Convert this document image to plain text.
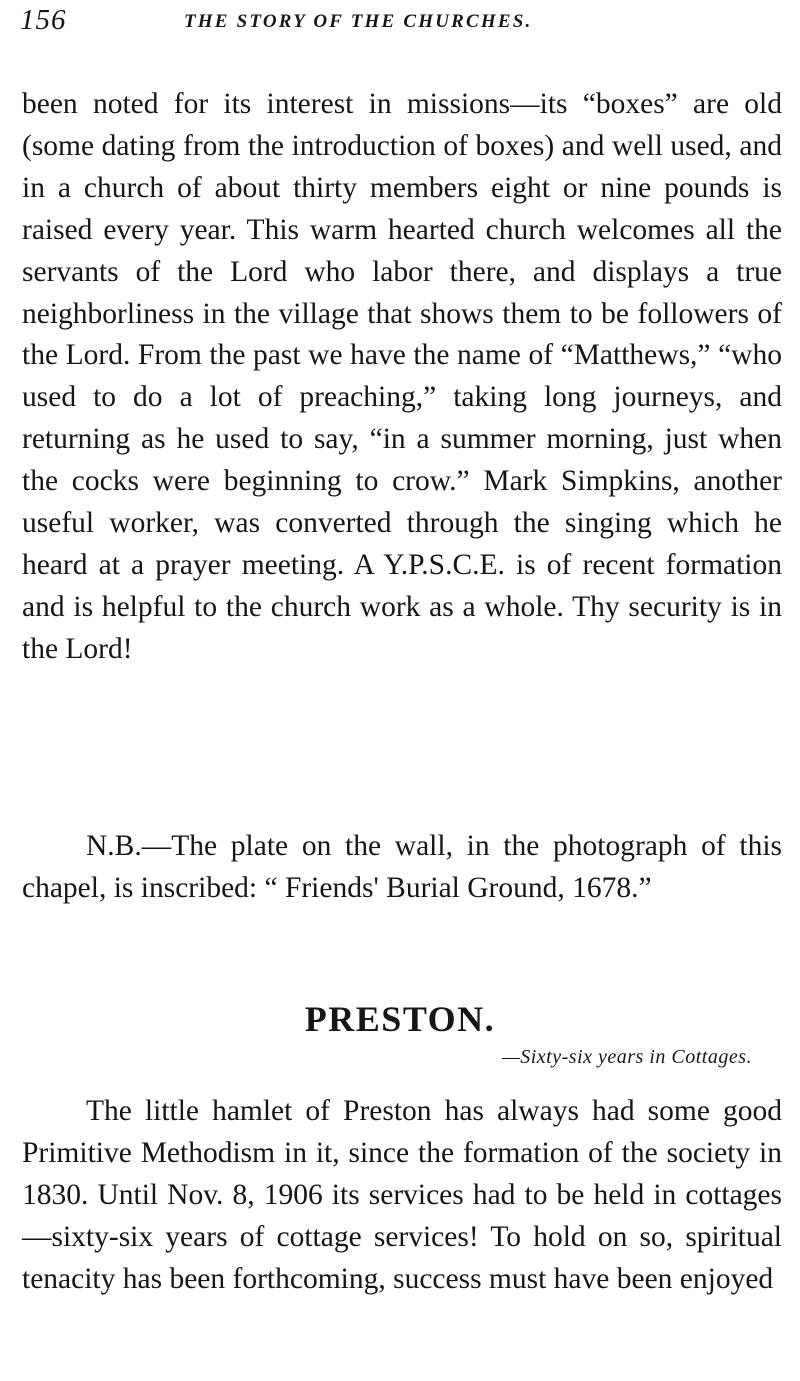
156	THE STORY OF THE CHURCHES.

been noted for its interest in missions—its “boxes” are old (some dating from the introduction of boxes) and well used, and in a church of about thirty members eight or nine pounds is raised every year. This warm hearted church welcomes all the servants of the Lord who labor there, and displays a true neighborliness in the village that shows them to be followers of the Lord. From the past we have the name of “Matthews,” “who used to do a lot of preaching,” taking long journeys, and returning as he used to say, “in a summer morning, just when the cocks were beginning to crow.” Mark Simpkins, another useful worker, was converted through the singing which he heard at a prayer meeting. A Y.P.S.C.E. is of recent formation and is helpful to the church work as a whole. Thy security is in the Lord!

N.B.—The plate on the wall, in the photograph of this chapel, is inscribed: “ Friends' Burial Ground, 1678.”

PRESTON.
—Sixty-six years in Cottages.

The little hamlet of Preston has always had some good Primitive Methodism in it, since the formation of the society in 1830. Until Nov. 8, 1906 its services had to be held in cottages—sixty-six years of cottage services! To hold on so, spiritual tenacity has been forthcoming, success must have been enjoyed
